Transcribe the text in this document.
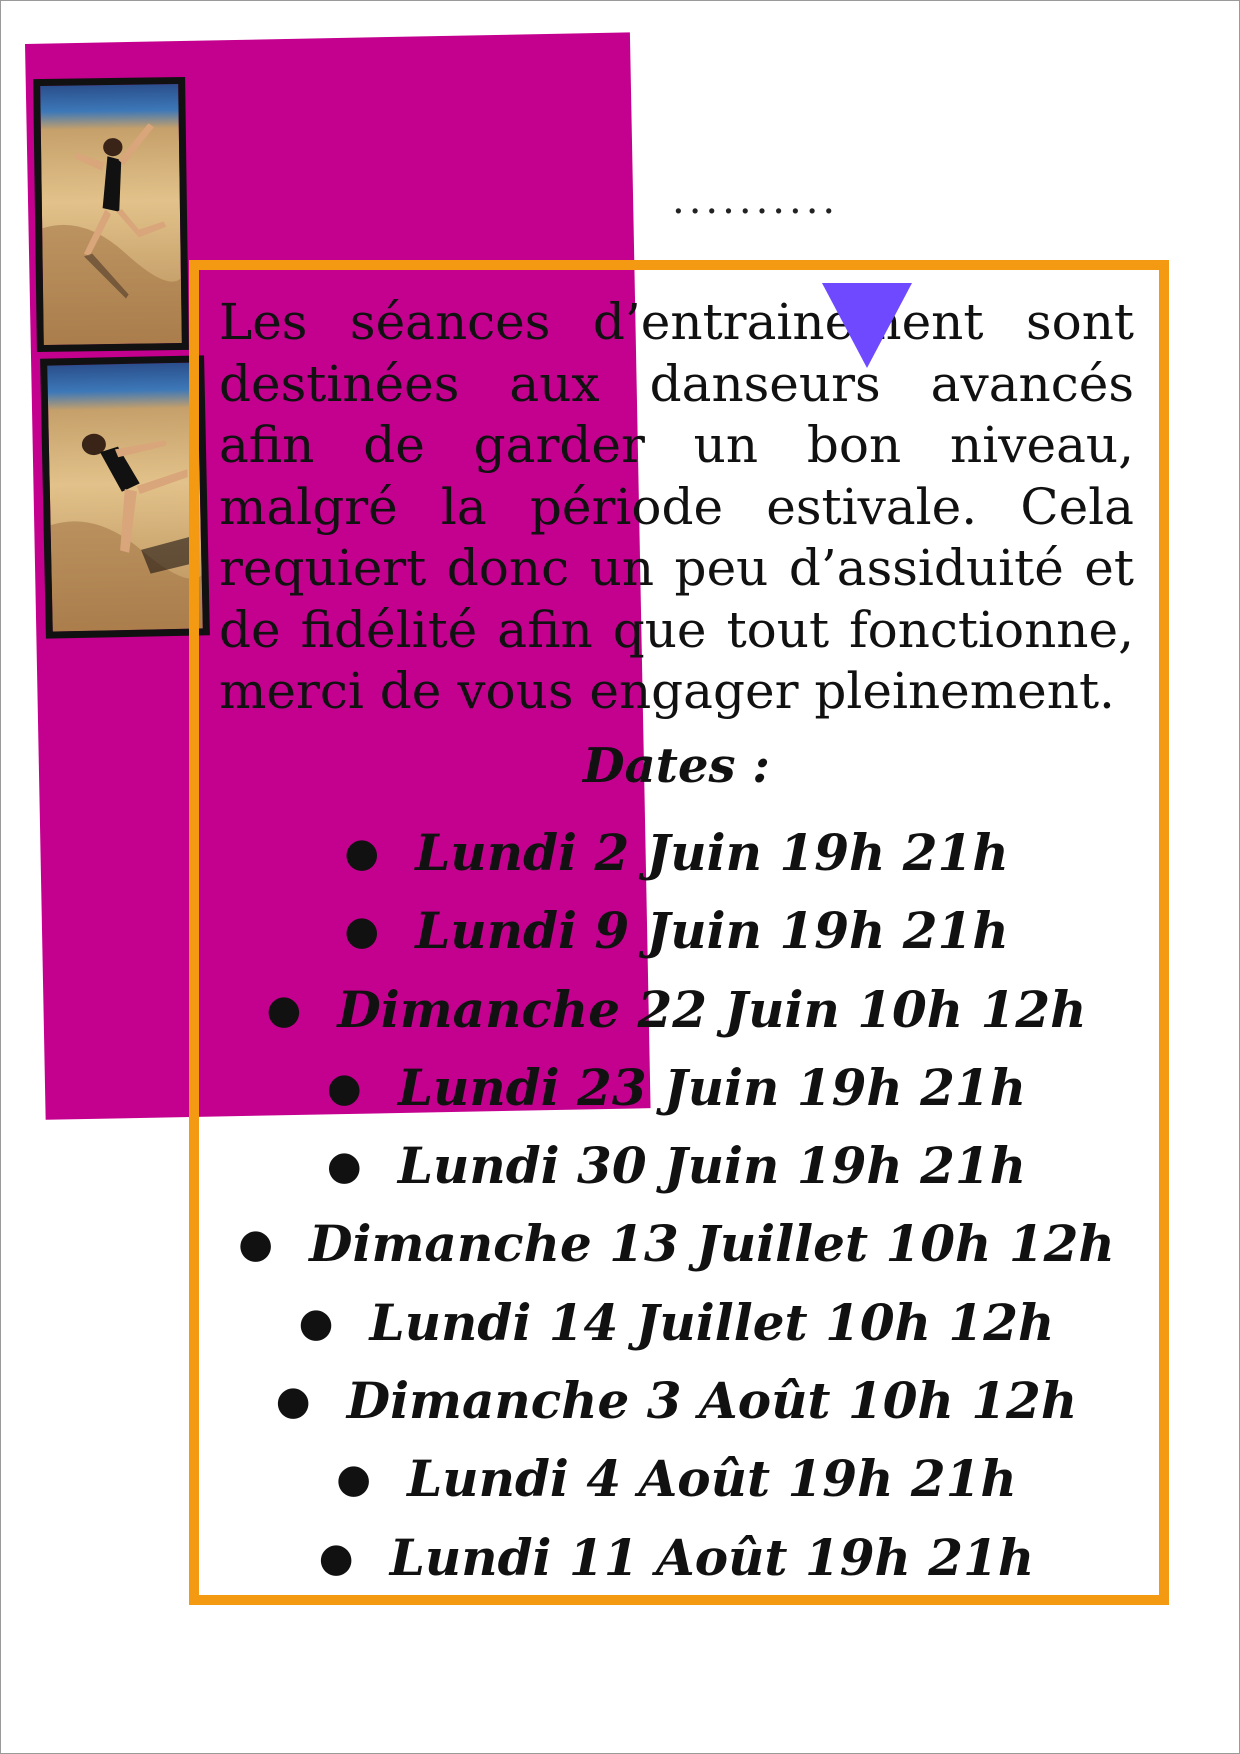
..........

Les séances d’entrainement sont destinées aux danseurs avancés afin de garder un bon niveau, malgré la période estivale. Cela requiert donc un peu d’assiduité et de fidélité afin que tout fonctionne, merci de vous engager pleinement.

Dates :
● Lundi 2 Juin 19h 21h
● Lundi 9 Juin 19h 21h
● Dimanche 22 Juin 10h 12h
● Lundi 23 Juin 19h 21h
● Lundi 30 Juin 19h 21h
● Dimanche 13 Juillet 10h 12h
● Lundi 14 Juillet 10h 12h
● Dimanche 3 Août 10h 12h
● Lundi 4 Août 19h 21h
● Lundi 11 Août 19h 21h
